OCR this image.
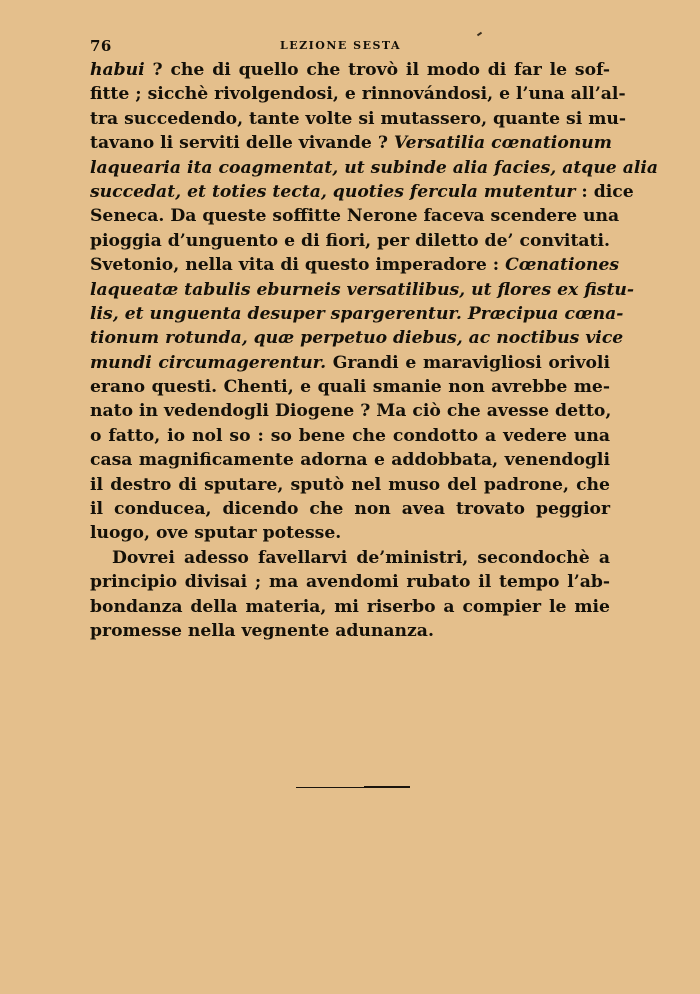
76	LEZIONE SESTA
habui ? che di quello che trovò il modo di far le sof-
fitte ; sicchè rivolgendosi, e rinnovándosi, e l’una all’al-
tra succedendo, tante volte si mutassero, quante si mu-
tavano li serviti delle vivande ? Versatilia cœnationum
laquearia ita coagmentat, ut subinde alia facies, atque alia
succedat, et toties tecta, quoties fercula mutentur : dice
Seneca. Da queste soffitte Nerone faceva scendere una
pioggia d’unguento e di fiori, per diletto de’ convitati.
Svetonio, nella vita di questo imperadore : Cœnationes
laqueatæ tabulis eburneis versatilibus, ut flores ex fistu-
lis, et unguenta desuper spargerentur. Præcipua cœna-
tionum rotunda, quæ perpetuo diebus, ac noctibus vice
mundi circumagerentur. Grandi e maravigliosi orivoli
erano questi. Chenti, e quali smanie non avrebbe me-
nato in vedendogli Diogene ? Ma ciò che avesse detto,
o fatto, io nol so : so bene che condotto a vedere una
casa magnificamente adorna e addobbata, venendogli
il destro di sputare, sputò nel muso del padrone, che
il conducea, dicendo che non avea trovato peggior
luogo, ove sputar potesse.
Dovrei adesso favellarvi de’ministri, secondochè a
principio divisai ; ma avendomi rubato il tempo l’ab-
bondanza della materia, mi riserbo a compier le mie
promesse nella vegnente adunanza.
